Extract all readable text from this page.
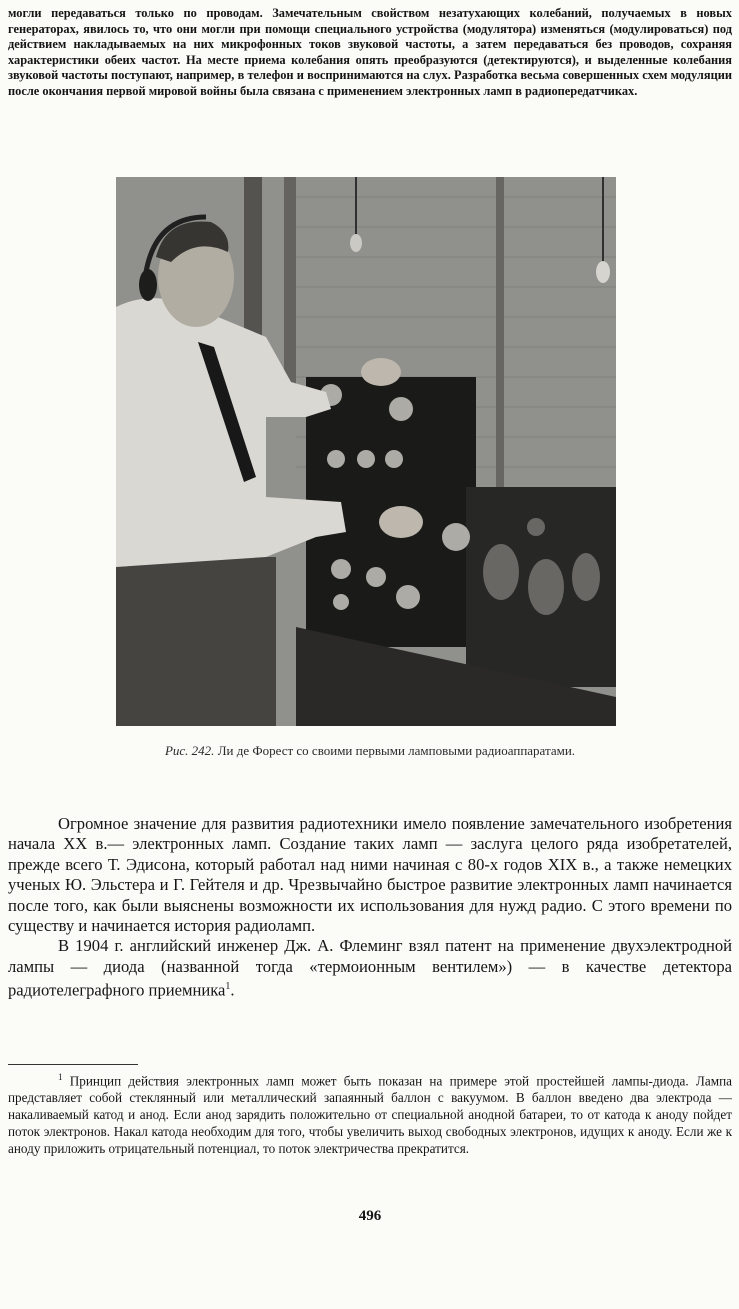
могли передаваться только по проводам. Замечательным свойством незатухающих колебаний, получаемых в новых генераторах, явилось то, что они могли при помощи специального устройства (модулятора) изменяться (модулироваться) под действием накладываемых на них микрофонных токов звуковой частоты, а затем передаваться без проводов, сохраняя характеристики обеих частот. На месте приема колебания опять преобразуются (детектируются), и выделенные колебания звуковой частоты поступают, например, в телефон и воспринимаются на слух. Разработка весьма совершенных схем модуляции после окончания первой мировой войны была связана с применением электронных ламп в радиопередатчиках.

Рис. 242. Ли де Форест со своими первыми ламповыми радиоаппаратами.

Огромное значение для развития радиотехники имело появление замечательного изобретения начала XX в.— электронных ламп. Создание таких ламп — заслуга целого ряда изобретателей, прежде всего Т. Эдисона, который работал над ними начиная с 80-х годов XIX в., а также немецких ученых Ю. Эльстера и Г. Гейтеля и др. Чрезвычайно быстрое развитие электронных ламп начинается после того, как были выяснены возможности их использования для нужд радио. С этого времени по существу и начинается история радиоламп.

В 1904 г. английский инженер Дж. А. Флеминг взял патент на применение двухэлектродной лампы — диода (названной тогда «термоионным вентилем») — в качестве детектора радиотелеграфного приемника$^1$.

$^1$ Принцип действия электронных ламп может быть показан на примере этой простейшей лампы-диода. Лампа представляет собой стеклянный или металлический запаянный баллон с вакуумом. В баллон введено два электрода — накаливаемый катод и анод. Если анод зарядить положительно от специальной анодной батареи, то от катода к аноду пойдет поток электронов. Накал катода необходим для того, чтобы увеличить выход свободных электронов, идущих к аноду. Если же к аноду приложить отрицательный потенциал, то поток электричества прекратится.

496
